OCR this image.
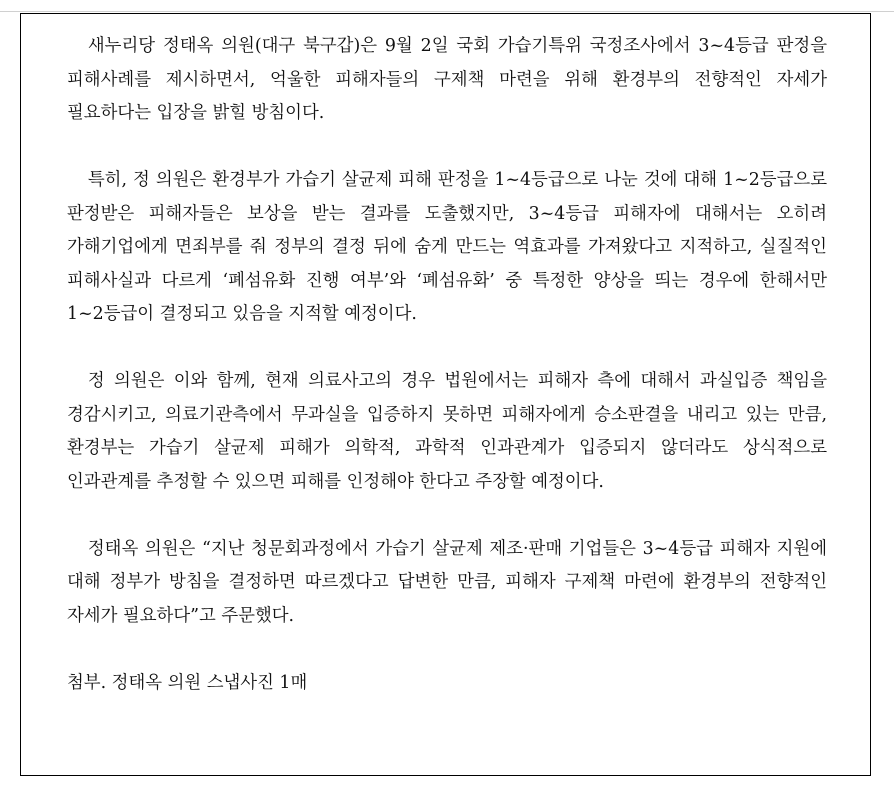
새누리당 정태옥 의원(대구 북구갑)은 9월 2일 국회 가습기특위 국정조사에서 3~4등급 판정을 피해사례를 제시하면서, 억울한 피해자들의 구제책 마련을 위해 환경부의 전향적인 자세가 필요하다는 입장을 밝힐 방침이다.

특히, 정 의원은 환경부가 가습기 살균제 피해 판정을 1~4등급으로 나눈 것에 대해 1~2등급으로 판정받은 피해자들은 보상을 받는 결과를 도출했지만, 3~4등급 피해자에 대해서는 오히려 가해기업에게 면죄부를 줘 정부의 결정 뒤에 숨게 만드는 역효과를 가져왔다고 지적하고, 실질적인 피해사실과 다르게 ‘폐섬유화 진행 여부’와 ‘폐섬유화’ 중 특정한 양상을 띄는 경우에 한해서만 1~2등급이 결정되고 있음을 지적할 예정이다.

정 의원은 이와 함께, 현재 의료사고의 경우 법원에서는 피해자 측에 대해서 과실입증 책임을 경감시키고, 의료기관측에서 무과실을 입증하지 못하면 피해자에게 승소판결을 내리고 있는 만큼, 환경부는 가습기 살균제 피해가 의학적, 과학적 인과관계가 입증되지 않더라도 상식적으로 인과관계를 추정할 수 있으면 피해를 인정해야 한다고 주장할 예정이다.

정태옥 의원은 “지난 청문회과정에서 가습기 살균제 제조·판매 기업들은 3~4등급 피해자 지원에 대해 정부가 방침을 결정하면 따르겠다고 답변한 만큼, 피해자 구제책 마련에 환경부의 전향적인 자세가 필요하다”고 주문했다.

첨부. 정태옥 의원 스냅사진 1매
